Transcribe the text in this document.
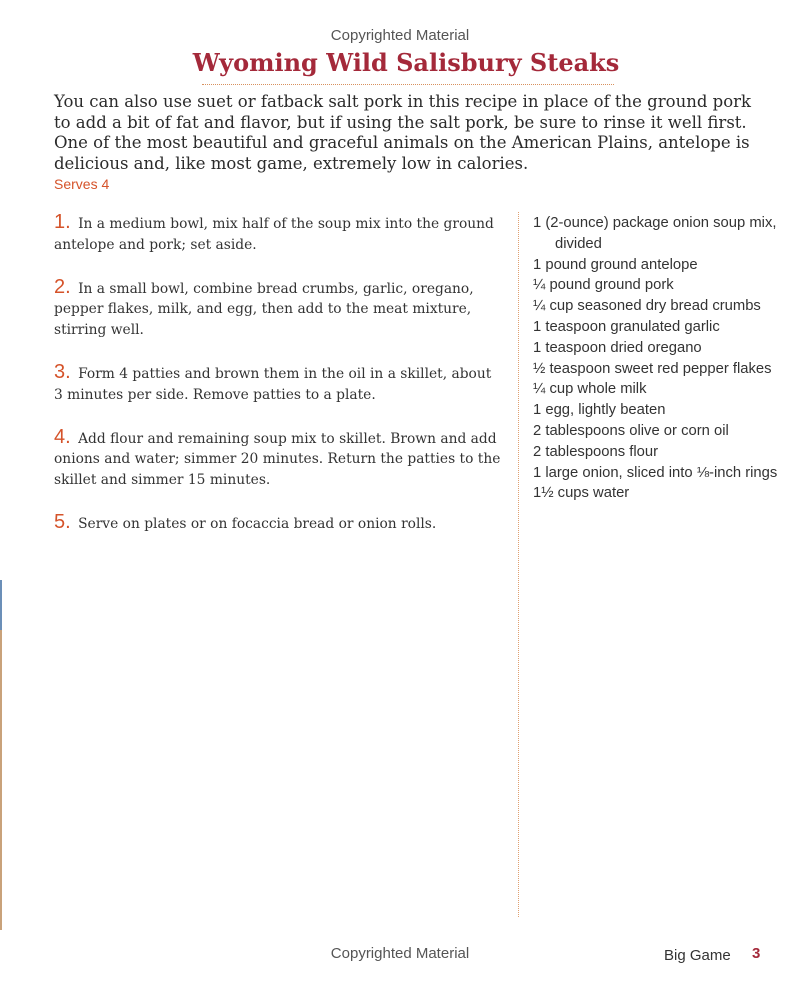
Copyrighted Material
Wyoming Wild Salisbury Steaks

You can also use suet or fatback salt pork in this recipe in place of the ground pork to add a bit of fat and flavor, but if using the salt pork, be sure to rinse it well first. One of the most beautiful and graceful animals on the American Plains, antelope is delicious and, like most game, extremely low in calories.

Serves 4
1. In a medium bowl, mix half of the soup mix into the ground antelope and pork; set aside.
2. In a small bowl, combine bread crumbs, garlic, oregano, pepper flakes, milk, and egg, then add to the meat mixture, stirring well.
3. Form 4 patties and brown them in the oil in a skillet, about 3 minutes per side. Remove patties to a plate.
4. Add flour and remaining soup mix to skillet. Brown and add onions and water; simmer 20 minutes. Return the patties to the skillet and simmer 15 minutes.
5. Serve on plates or on focaccia bread or onion rolls.
1 (2-ounce) package onion soup mix, divided
1 pound ground antelope
¼ pound ground pork
¼ cup seasoned dry bread crumbs
1 teaspoon granulated garlic
1 teaspoon dried oregano
½ teaspoon sweet red pepper flakes
¼ cup whole milk
1 egg, lightly beaten
2 tablespoons olive or corn oil
2 tablespoons flour
1 large onion, sliced into ⅛-inch rings
1½ cups water
Copyrighted Material	Big Game 3
